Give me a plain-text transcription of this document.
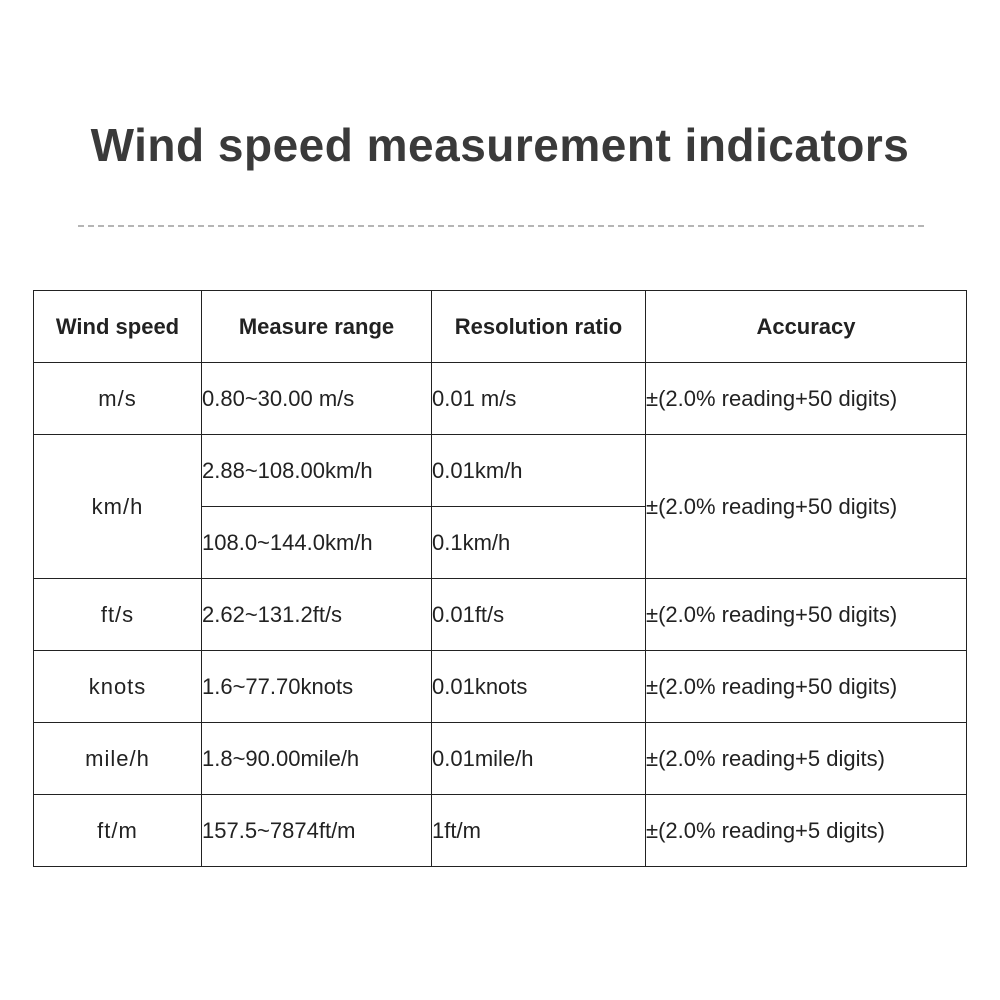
Wind speed measurement indicators
Wind speed	Measure range	Resolution ratio	Accuracy
m/s	0.80~30.00 m/s	0.01 m/s	±(2.0% reading+50 digits)
km/h	2.88~108.00km/h	0.01km/h	±(2.0% reading+50 digits)
	108.0~144.0km/h	0.1km/h	
ft/s	2.62~131.2ft/s	0.01ft/s	±(2.0% reading+50 digits)
knots	1.6~77.70knots	0.01knots	±(2.0% reading+50 digits)
mile/h	1.8~90.00mile/h	0.01mile/h	±(2.0% reading+5 digits)
ft/m	157.5~7874ft/m	1ft/m	±(2.0% reading+5 digits)
